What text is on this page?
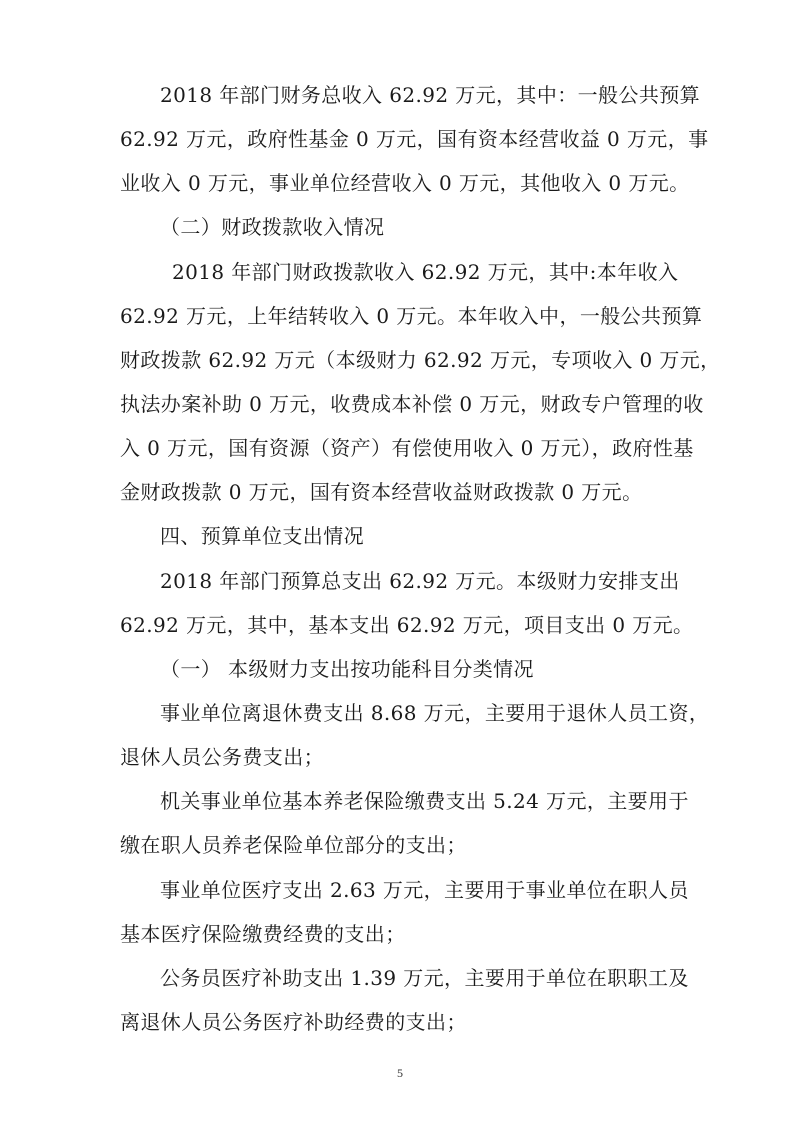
2018 年部门财务总收入 62.92 万元，其中：一般公共预算
62.92 万元，政府性基金 0 万元，国有资本经营收益 0 万元，事
业收入 0 万元，事业单位经营收入 0 万元，其他收入 0 万元。
（二）财政拨款收入情况
2018 年部门财政拨款收入 62.92 万元，其中:本年收入
62.92 万元，上年结转收入 0 万元。本年收入中，一般公共预算
财政拨款 62.92 万元（本级财力 62.92 万元，专项收入 0 万元，
执法办案补助 0 万元，收费成本补偿 0 万元，财政专户管理的收
入 0 万元，国有资源（资产）有偿使用收入 0 万元），政府性基
金财政拨款 0 万元，国有资本经营收益财政拨款 0 万元。
四、预算单位支出情况
2018 年部门预算总支出 62.92 万元。本级财力安排支出
62.92 万元，其中，基本支出 62.92 万元，项目支出 0 万元。
（一） 本级财力支出按功能科目分类情况
事业单位离退休费支出 8.68 万元，主要用于退休人员工资，
退休人员公务费支出；
机关事业单位基本养老保险缴费支出 5.24 万元，主要用于
缴在职人员养老保险单位部分的支出；
事业单位医疗支出 2.63 万元，主要用于事业单位在职人员
基本医疗保险缴费经费的支出；
公务员医疗补助支出 1.39 万元，主要用于单位在职职工及
离退休人员公务医疗补助经费的支出；
5
